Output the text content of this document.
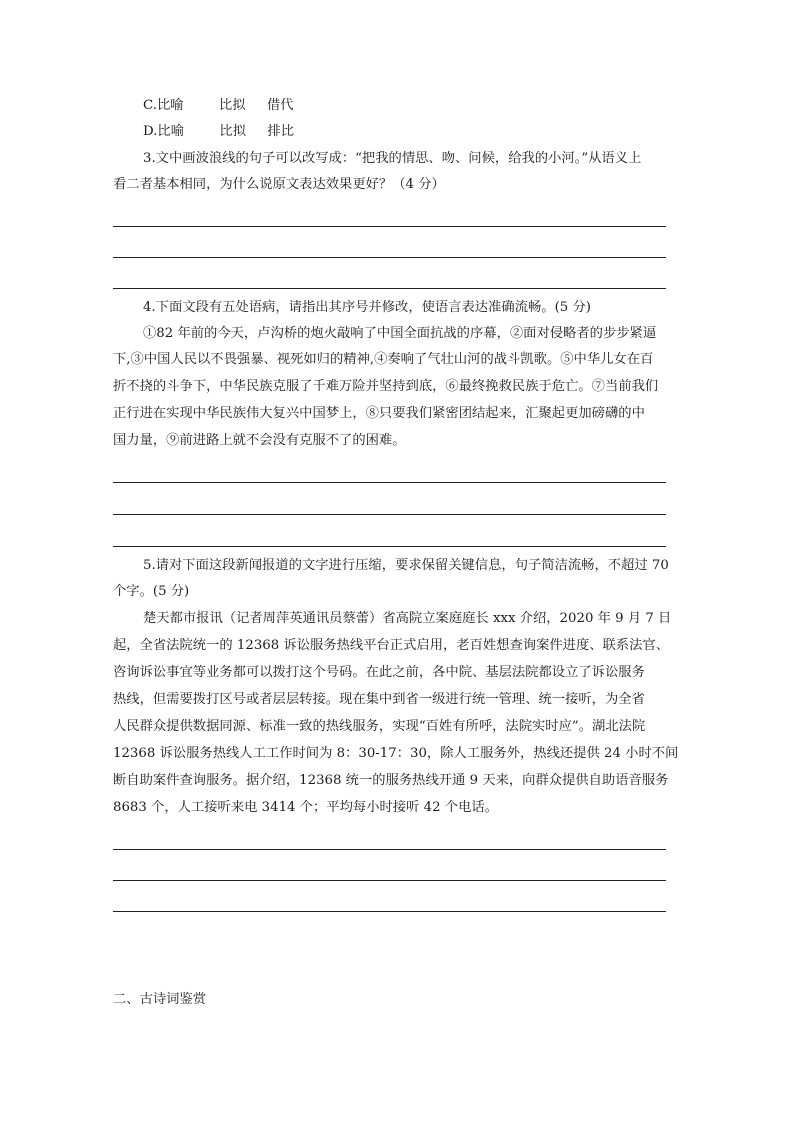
C.比喻	比拟 借代
D.比喻	比拟 排比
3.文中画波浪线的句子可以改写成：“把我的情思、吻、问候，给我的小河。”从语义上
看二者基本相同，为什么说原文表达效果更好？（4 分）
4.下面文段有五处语病，请指出其序号并修改，使语言表达准确流畅。(5 分)
①82 年前的今天，卢沟桥的炮火敲响了中国全面抗战的序幕，②面对侵略者的步步紧逼
下,③中国人民以不畏强暴、视死如归的精神,④奏响了气壮山河的战斗凯歌。⑤中华儿女在百
折不挠的斗争下，中华民族克服了千难万险并坚持到底，⑥最终挽救民族于危亡。⑦当前我们
正行进在实现中华民族伟大复兴中国梦上，⑧只要我们紧密团结起来，汇聚起更加磅礴的中
国力量，⑨前进路上就不会没有克服不了的困难。
5.请对下面这段新闻报道的文字进行压缩，要求保留关键信息，句子简洁流畅，不超过 70
个字。(5 分)
楚天都市报讯（记者周萍英通讯员蔡蕾）省高院立案庭庭长 xxx 介绍，2020 年 9 月 7 日
起，全省法院统一的 12368 诉讼服务热线平台正式启用，老百姓想查询案件进度、联系法官、
咨询诉讼事宜等业务都可以拨打这个号码。在此之前，各中院、基层法院都设立了诉讼服务
热线，但需要拨打区号或者层层转接。现在集中到省一级进行统一管理、统一接听，为全省
人民群众提供数据同源、标准一致的热线服务，实现“百姓有所呼，法院实时应”。湖北法院
12368 诉讼服务热线人工工作时间为 8：30-17：30，除人工服务外，热线还提供 24 小时不间
断自助案件查询服务。据介绍，12368 统一的服务热线开通 9 天来，向群众提供自助语音服务
8683 个，人工接听来电 3414 个；平均每小时接听 42 个电话。
二、古诗词鉴赏
